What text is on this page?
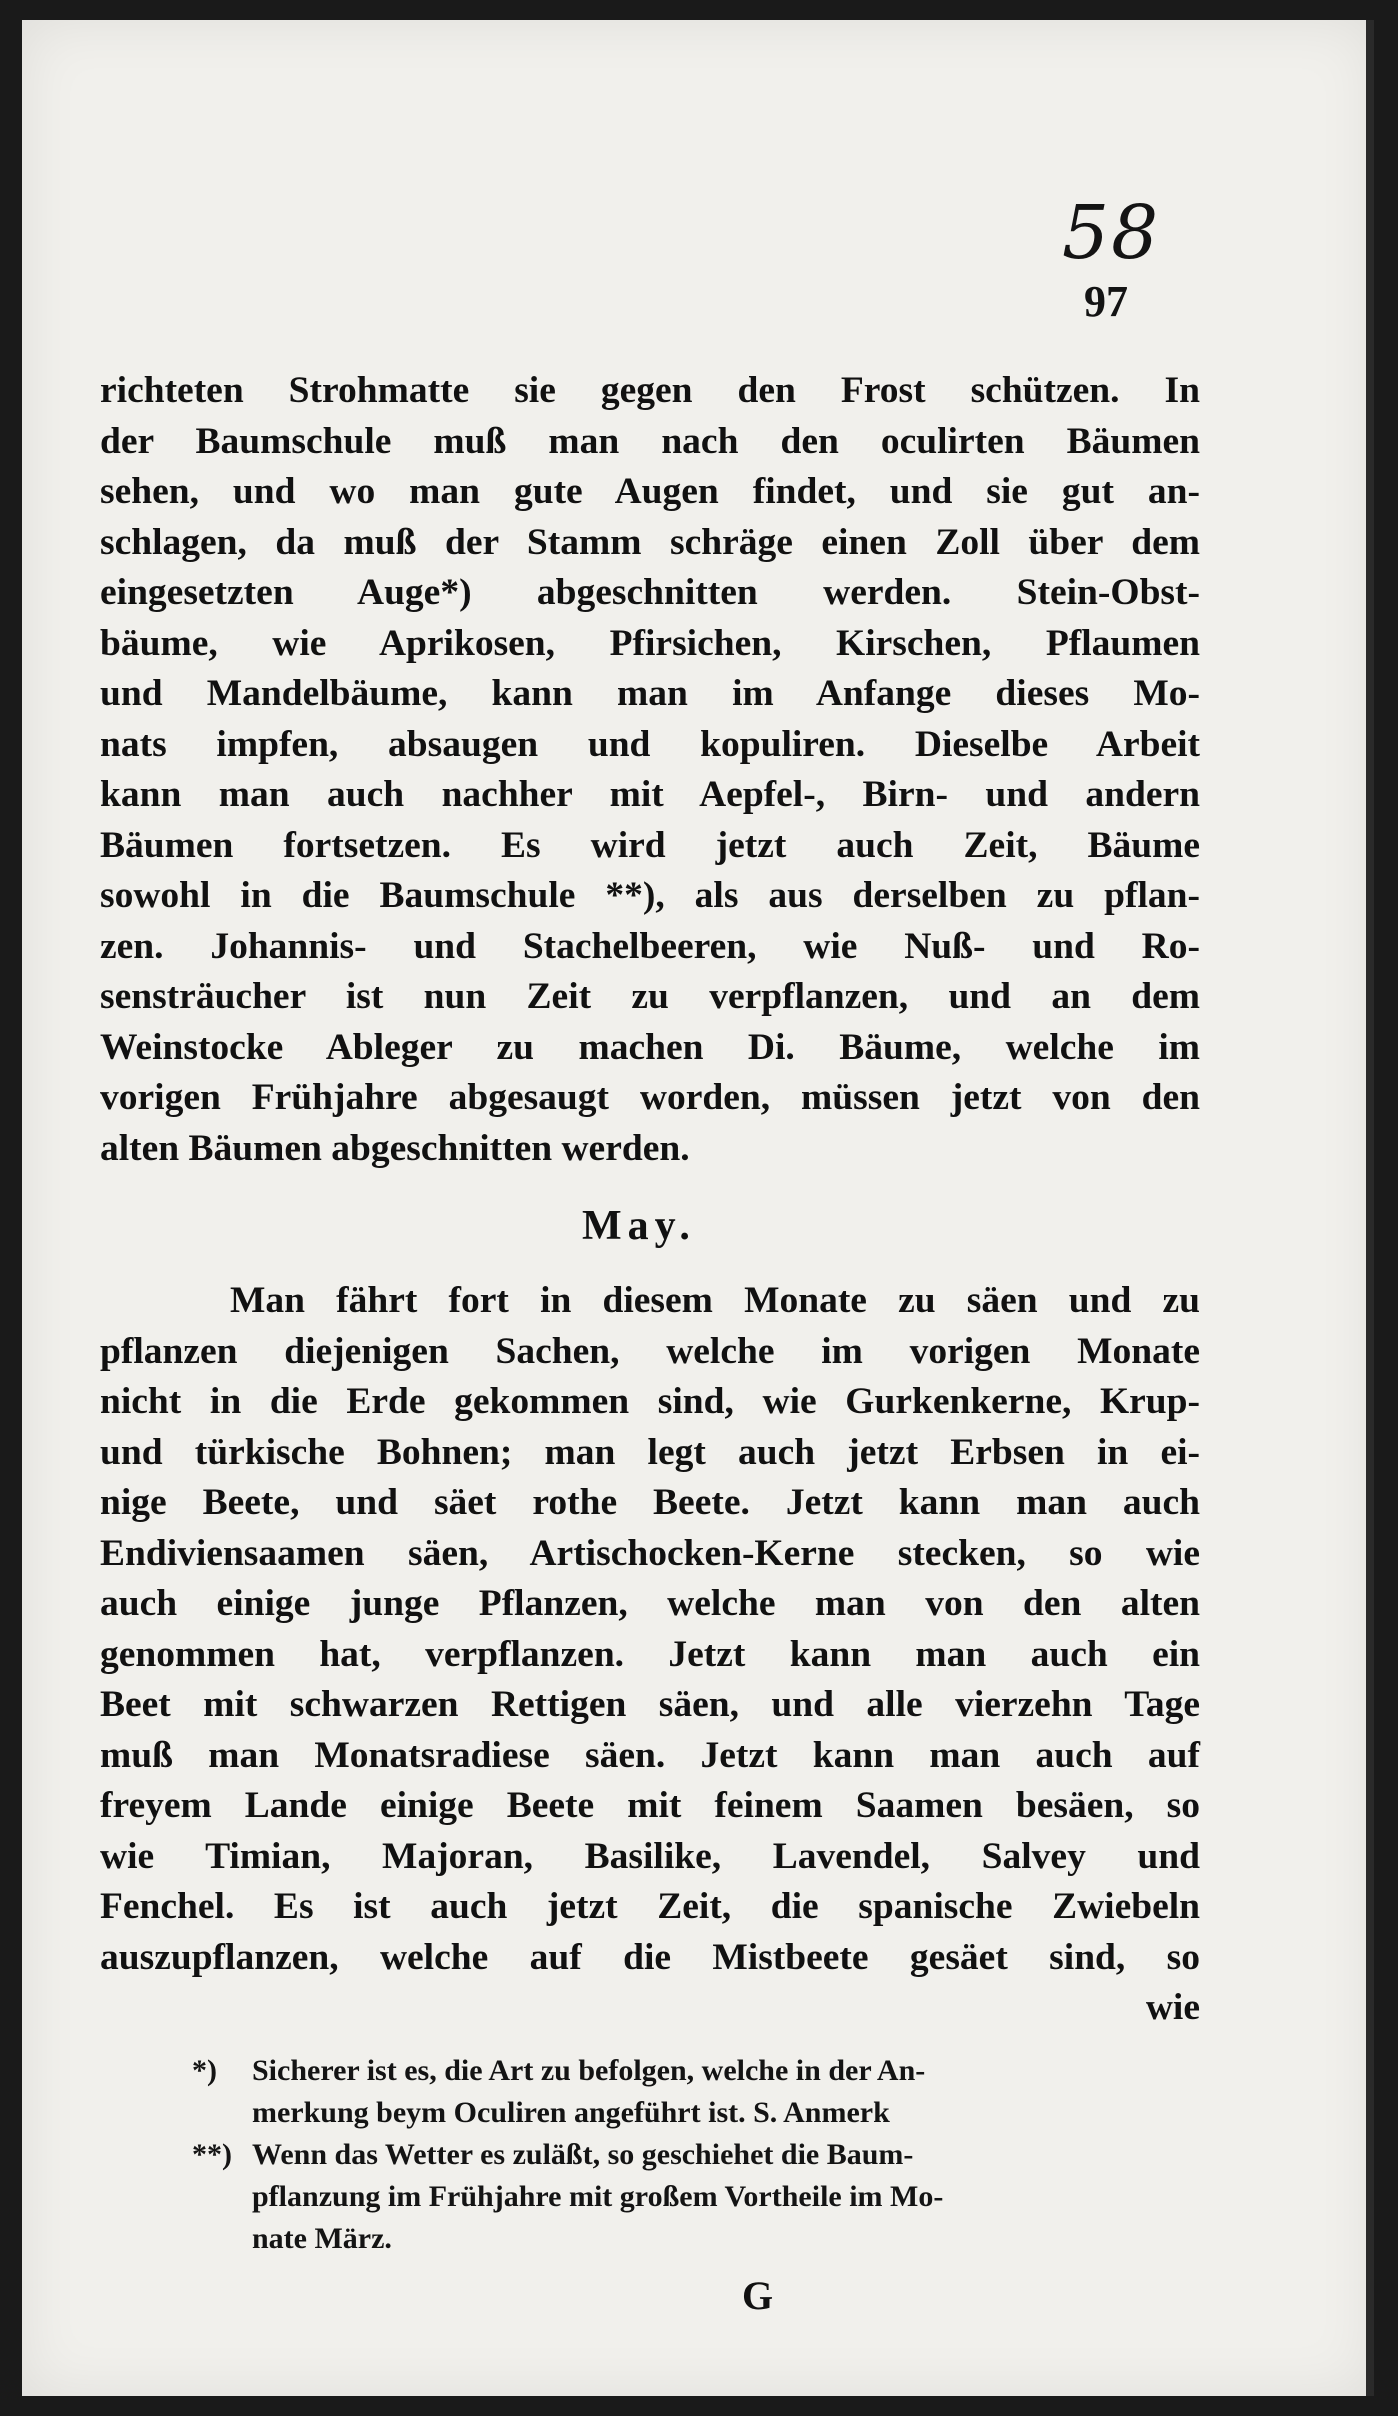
58
97
richteten Strohmatte sie gegen den Frost schützen. In
der Baumschule muß man nach den oculirten Bäumen
sehen, und wo man gute Augen findet, und sie gut an-
schlagen, da muß der Stamm schräge einen Zoll über dem
eingesetzten Auge*) abgeschnitten werden. Stein-Obst-
bäume, wie Aprikosen, Pfirsichen, Kirschen, Pflaumen
und Mandelbäume, kann man im Anfange dieses Mo-
nats impfen, absaugen und kopuliren. Dieselbe Arbeit
kann man auch nachher mit Aepfel-, Birn- und andern
Bäumen fortsetzen. Es wird jetzt auch Zeit, Bäume
sowohl in die Baumschule **), als aus derselben zu pflan-
zen. Johannis- und Stachelbeeren, wie Nuß- und Ro-
sensträucher ist nun Zeit zu verpflanzen, und an dem
Weinstocke Ableger zu machen Di. Bäume, welche im
vorigen Frühjahre abgesaugt worden, müssen jetzt von den
alten Bäumen abgeschnitten werden.
May.
Man fährt fort in diesem Monate zu säen und zu
pflanzen diejenigen Sachen, welche im vorigen Monate
nicht in die Erde gekommen sind, wie Gurkenkerne, Krup-
und türkische Bohnen; man legt auch jetzt Erbsen in ei-
nige Beete, und säet rothe Beete. Jetzt kann man auch
Endiviensaamen säen, Artischocken-Kerne stecken, so wie
auch einige junge Pflanzen, welche man von den alten
genommen hat, verpflanzen. Jetzt kann man auch ein
Beet mit schwarzen Rettigen säen, und alle vierzehn Tage
muß man Monatsradiese säen. Jetzt kann man auch auf
freyem Lande einige Beete mit feinem Saamen besäen, so
wie Timian, Majoran, Basilike, Lavendel, Salvey und
Fenchel. Es ist auch jetzt Zeit, die spanische Zwiebeln
auszupflanzen, welche auf die Mistbeete gesäet sind, so
wie
*) Sicherer ist es, die Art zu befolgen, welche in der An-
merkung beym Oculiren angeführt ist. S. Anmerk
**) Wenn das Wetter es zuläßt, so geschiehet die Baum-
pflanzung im Frühjahre mit großem Vortheile im Mo-
nate März.
G
